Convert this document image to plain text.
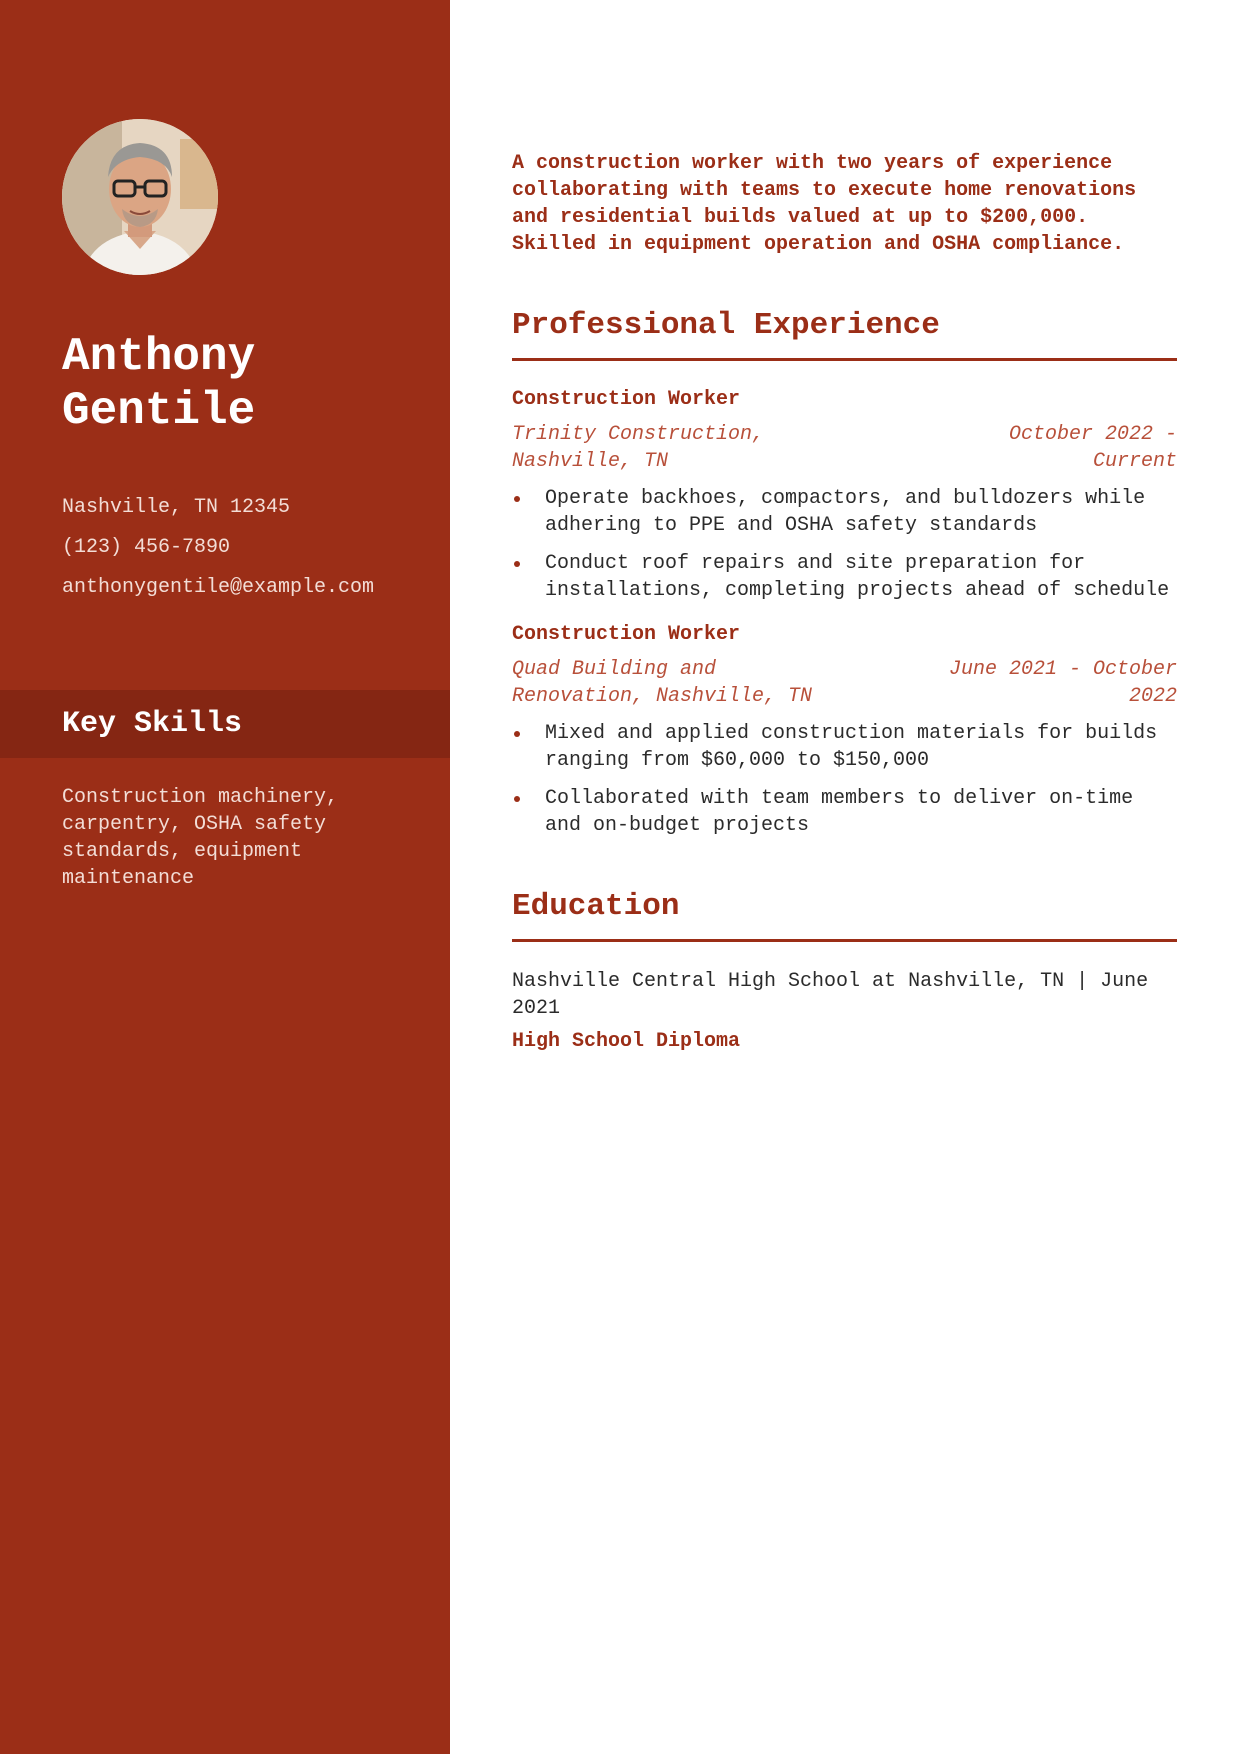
Anthony
Gentile
Nashville, TN 12345
(123) 456-7890
anthonygentile@example.com
Key Skills
Construction machinery, carpentry, OSHA safety standards, equipment maintenance

A construction worker with two years of experience collaborating with teams to execute home renovations and residential builds valued at up to $200,000. Skilled in equipment operation and OSHA compliance.

Professional Experience
Construction Worker
Trinity Construction, Nashville, TN
October 2022 - Current
Operate backhoes, compactors, and bulldozers while adhering to PPE and OSHA safety standards
Conduct roof repairs and site preparation for installations, completing projects ahead of schedule
Construction Worker
Quad Building and Renovation, Nashville, TN
June 2021 - October 2022
Mixed and applied construction materials for builds ranging from $60,000 to $150,000
Collaborated with team members to deliver on-time and on-budget projects
Education
Nashville Central High School at Nashville, TN | June 2021
High School Diploma
